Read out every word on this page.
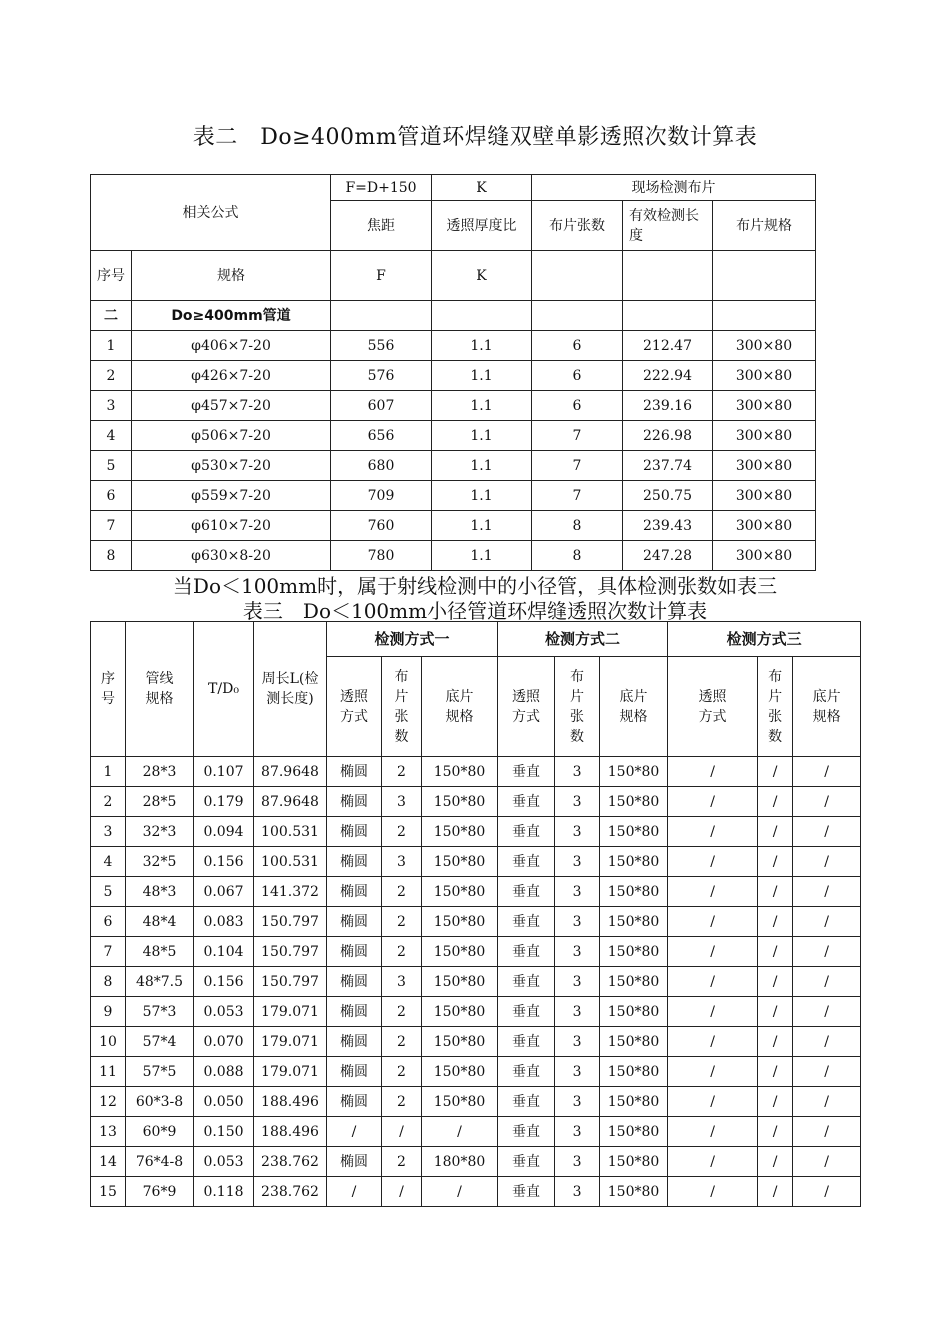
表二　Do≥400mm管道环焊缝双壁单影透照次数计算表
相关公式		F=D+150	K	现场检测布片		
		焦距	透照厚度比	布片张数	有效检测长度	布片规格
序号	规格	F	K			
二	Do≥400mm管道					
1	φ406×7-20	556	1.1	6	212.47	300×80
2	φ426×7-20	576	1.1	6	222.94	300×80
3	φ457×7-20	607	1.1	6	239.16	300×80
4	φ506×7-20	656	1.1	7	226.98	300×80
5	φ530×7-20	680	1.1	7	237.74	300×80
6	φ559×7-20	709	1.1	7	250.75	300×80
7	φ610×7-20	760	1.1	8	239.43	300×80
8	φ630×8-20	780	1.1	8	247.28	300×80
当Do＜100mm时，属于射线检测中的小径管，具体检测张数如表三
表三　Do＜100mm小径管道环焊缝透照次数计算表
序号	管线规格	T/D₀	周长L(检测长度)	检测方式一			检测方式二			检测方式三		
				透照方式	布片张数	底片规格	透照方式	布片张数	底片规格	透照方式	布片张数	底片规格
1	28*3	0.107	87.9648	椭圆	2	150*80	垂直	3	150*80	/	/	/
2	28*5	0.179	87.9648	椭圆	3	150*80	垂直	3	150*80	/	/	/
3	32*3	0.094	100.531	椭圆	2	150*80	垂直	3	150*80	/	/	/
4	32*5	0.156	100.531	椭圆	3	150*80	垂直	3	150*80	/	/	/
5	48*3	0.067	141.372	椭圆	2	150*80	垂直	3	150*80	/	/	/
6	48*4	0.083	150.797	椭圆	2	150*80	垂直	3	150*80	/	/	/
7	48*5	0.104	150.797	椭圆	2	150*80	垂直	3	150*80	/	/	/
8	48*7.5	0.156	150.797	椭圆	3	150*80	垂直	3	150*80	/	/	/
9	57*3	0.053	179.071	椭圆	2	150*80	垂直	3	150*80	/	/	/
10	57*4	0.070	179.071	椭圆	2	150*80	垂直	3	150*80	/	/	/
11	57*5	0.088	179.071	椭圆	2	150*80	垂直	3	150*80	/	/	/
12	60*3-8	0.050	188.496	椭圆	2	150*80	垂直	3	150*80	/	/	/
13	60*9	0.150	188.496	/	/	/	垂直	3	150*80	/	/	/
14	76*4-8	0.053	238.762	椭圆	2	180*80	垂直	3	150*80	/	/	/
15	76*9	0.118	238.762	/	/	/	垂直	3	150*80	/	/	/
